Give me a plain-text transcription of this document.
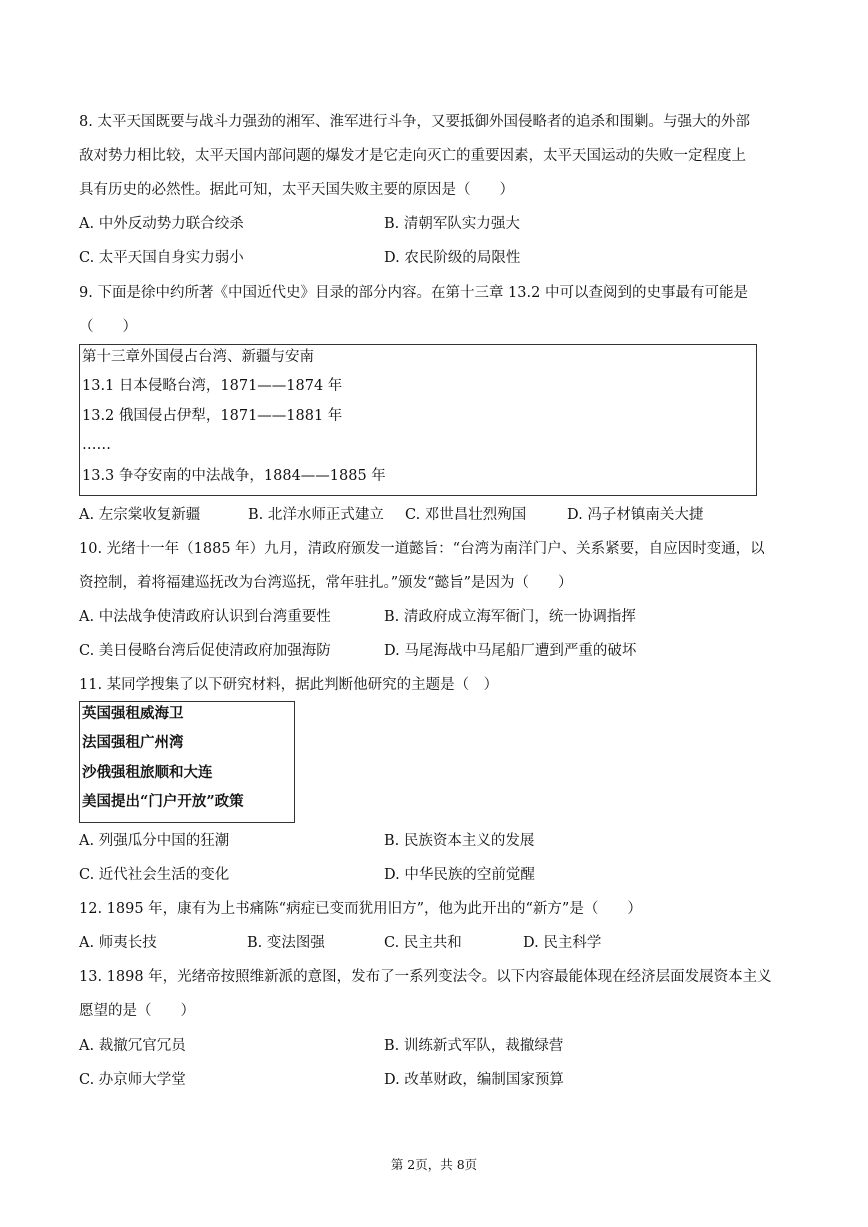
8. 太平天国既要与战斗力强劲的湘军、淮军进行斗争，又要抵御外国侵略者的追杀和围剿。与强大的外部
敌对势力相比较，太平天国内部问题的爆发才是它走向灭亡的重要因素，太平天国运动的失败一定程度上
具有历史的必然性。据此可知，太平天国失败主要的原因是（　　）
A. 中外反动势力联合绞杀	B. 清朝军队实力强大
C. 太平天国自身实力弱小	D. 农民阶级的局限性
9. 下面是徐中约所著《中国近代史》目录的部分内容。在第十三章 13.2 中可以查阅到的史事最有可能是
（　　）
第十三章外国侵占台湾、新疆与安南
13.1 日本侵略台湾，1871——1874 年
13.2 俄国侵占伊犁，1871——1881 年
……
13.3 争夺安南的中法战争，1884——1885 年
A. 左宗棠收复新疆	B. 北洋水师正式建立 C. 邓世昌壮烈殉国	D. 冯子材镇南关大捷
10. 光绪十一年（1885 年）九月，清政府颁发一道懿旨：“台湾为南洋门户、关系紧要，自应因时变通，以
资控制，着将福建巡抚改为台湾巡抚，常年驻扎。”颁发“懿旨”是因为（　　）
A. 中法战争使清政府认识到台湾重要性	B. 清政府成立海军衙门，统一协调指挥
C. 美日侵略台湾后促使清政府加强海防	D. 马尾海战中马尾船厂遭到严重的破坏
11. 某同学搜集了以下研究材料，据此判断他研究的主题是（　）
英国强租威海卫
法国强租广州湾
沙俄强租旅顺和大连
美国提出“门户开放”政策
A. 列强瓜分中国的狂潮	B. 民族资本主义的发展
C. 近代社会生活的变化	D. 中华民族的空前觉醒
12. 1895 年，康有为上书痛陈“病症已变而犹用旧方”，他为此开出的“新方”是（　　）
A. 师夷长技	B. 变法图强	C. 民主共和	D. 民主科学
13. 1898 年，光绪帝按照维新派的意图，发布了一系列变法令。以下内容最能体现在经济层面发展资本主义
愿望的是（　　）
A. 裁撤冗官冗员	B. 训练新式军队，裁撤绿营
C. 办京师大学堂	D. 改革财政，编制国家预算
第 2页，共 8页
